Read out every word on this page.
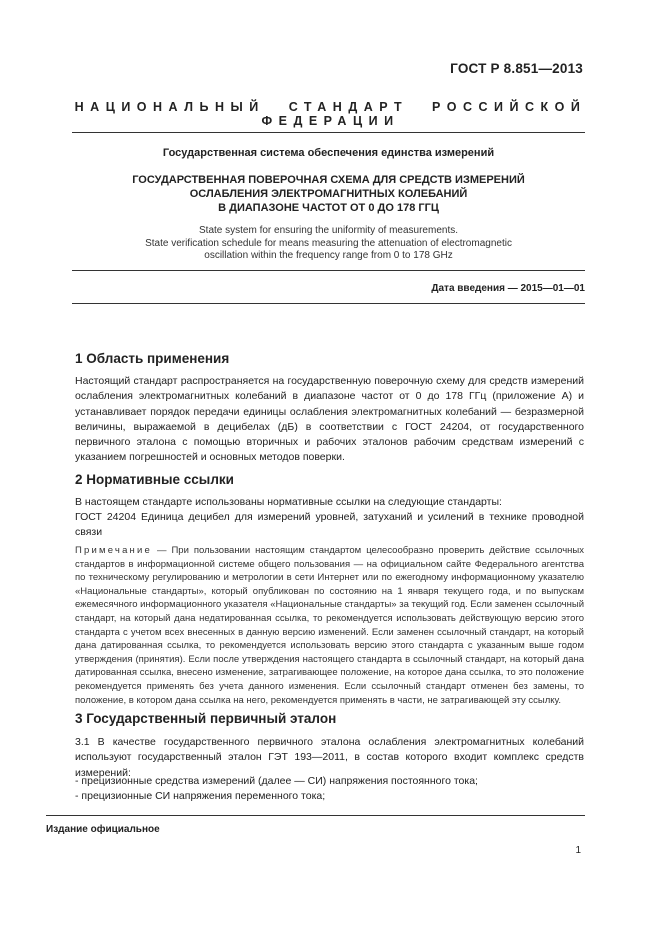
ГОСТ Р 8.851—2013
НАЦИОНАЛЬНЫЙ СТАНДАРТ РОССИЙСКОЙ ФЕДЕРАЦИИ
Государственная система обеспечения единства измерений
ГОСУДАРСТВЕННАЯ ПОВЕРОЧНАЯ СХЕМА ДЛЯ СРЕДСТВ ИЗМЕРЕНИЙ
ОСЛАБЛЕНИЯ ЭЛЕКТРОМАГНИТНЫХ КОЛЕБАНИЙ
В ДИАПАЗОНЕ ЧАСТОТ ОТ 0 ДО 178 ГГЦ
State system for ensuring the uniformity of measurements.
State verification schedule for means measuring the attenuation of electromagnetic
oscillation within the frequency range from 0 to 178 GHz
Дата введения — 2015—01—01
1 Область применения

Настоящий стандарт распространяется на государственную поверочную схему для средств измерений ослабления электромагнитных колебаний в диапазоне частот от 0 до 178 ГГц (приложение А) и устанавливает порядок передачи единицы ослабления электромагнитных колебаний — безразмерной величины, выражаемой в децибелах (дБ) в соответствии с ГОСТ 24204, от государственного первичного эталона с помощью вторичных и рабочих эталонов рабочим средствам измерений с указанием погрешностей и основных методов поверки.

2 Нормативные ссылки

В настоящем стандарте использованы нормативные ссылки на следующие стандарты:

ГОСТ 24204 Единица децибел для измерений уровней, затуханий и усилений в технике проводной связи

Примечание — При пользовании настоящим стандартом целесообразно проверить действие ссылочных стандартов в информационной системе общего пользования — на официальном сайте Федерального агентства по техническому регулированию и метрологии в сети Интернет или по ежегодному информационному указателю «Национальные стандарты», который опубликован по состоянию на 1 января текущего года, и по выпускам ежемесячного информационного указателя «Национальные стандарты» за текущий год. Если заменен ссылочный стандарт, на который дана недатированная ссылка, то рекомендуется использовать действующую версию этого стандарта с учетом всех внесенных в данную версию изменений. Если заменен ссылочный стандарт, на который дана датированная ссылка, то рекомендуется использовать версию этого стандарта с указанным выше годом утверждения (принятия). Если после утверждения настоящего стандарта в ссылочный стандарт, на который дана датированная ссылка, внесено изменение, затрагивающее положение, на которое дана ссылка, то это положение рекомендуется применять без учета данного изменения. Если ссылочный стандарт отменен без замены, то положение, в котором дана ссылка на него, рекомендуется применять в части, не затрагивающей эту ссылку.

3 Государственный первичный эталон

3.1 В качестве государственного первичного эталона ослабления электромагнитных колебаний используют государственный эталон ГЭТ 193—2011, в состав которого входит комплекс средств измерений:

- прецизионные средства измерений (далее — СИ) напряжения постоянного тока;
- прецизионные СИ напряжения переменного тока;
Издание официальное
1
